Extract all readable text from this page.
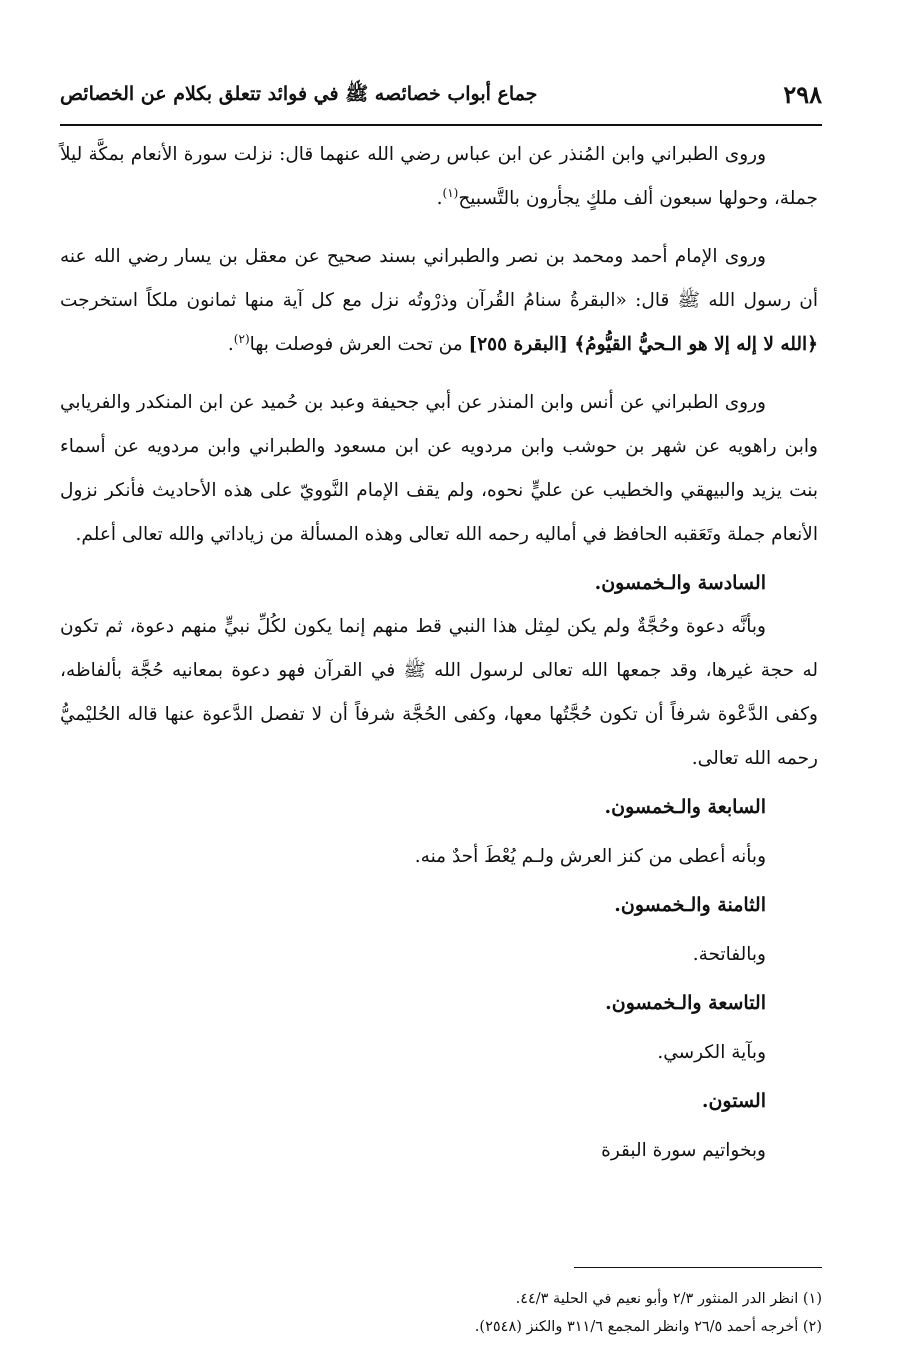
٢٩٨
جماع أبواب خصائصه ﷺ في فوائد تتعلق بكلام عن الخصائص

وروى الطبراني وابن المُنذر عن ابن عباس رضي الله عنهما قال: نزلت سورة الأنعام بمكَّة ليلاً جملة، وحولها سبعون ألف ملكٍ يجأرون بالتَّسبيح$^{(١)}$.

وروى الإمام أحمد ومحمد بن نصر والطبراني بسند صحيح عن معقل بن يسار رضي الله عنه أن رسول الله ﷺ قال: «البقرةُ سنامُ القُرآن وذرْوتُه نزل مع كل آية منها ثمانون ملكاً استخرجت ﴿الله لا إله إلا هو الـحيُّ القيُّومُ﴾ [البقرة ٢٥٥] من تحت العرش فوصلت بها$^{(٢)}$.

وروى الطبراني عن أنس وابن المنذر عن أبي جحيفة وعبد بن حُميد عن ابن المنكدر والفريابي وابن راهويه عن شهر بن حوشب وابن مردويه عن ابن مسعود والطبراني وابن مردويه عن أسماء بنت يزيد والبيهقي والخطيب عن عليٍّ نحوه، ولم يقف الإمام النَّوويّ على هذه الأحاديث فأنكر نزول الأنعام جملة وتَعَقبه الحافظ في أماليه رحمه الله تعالى وهذه المسألة من زياداتي والله تعالى أعلم.

السادسة والـخمسون.

وبأنَّه دعوة وحُجَّةٌ ولم يكن لمِثل هذا النبي قط منهم إنما يكون لكُلِّ نبيٍّ منهم دعوة، ثم تكون له حجة غيرها، وقد جمعها الله تعالى لرسول الله ﷺ في القرآن فهو دعوة بمعانيه حُجَّة بألفاظه، وكفى الدَّعْوة شرفاً أن تكون حُجَّتُها معها، وكفى الحُجَّة شرفاً أن لا تفصل الدَّعوة عنها قاله الحُليْميُّ رحمه الله تعالى.

السابعة والـخمسون.
وبأنه أعطى من كنز العرش ولـم يُعْطَ أحدٌ منه.
الثامنة والـخمسون.
وبالفاتحة.
التاسعة والـخمسون.
وبآية الكرسي.
الستون.
وبخواتيم سورة البقرة

(١) انظر الدر المنثور ٢/٣ وأبو نعيم في الحلية ٤٤/٣.

(٢) أخرجه أحمد ٢٦/٥ وانظر المجمع ٣١١/٦ والكنز (٢٥٤٨).
